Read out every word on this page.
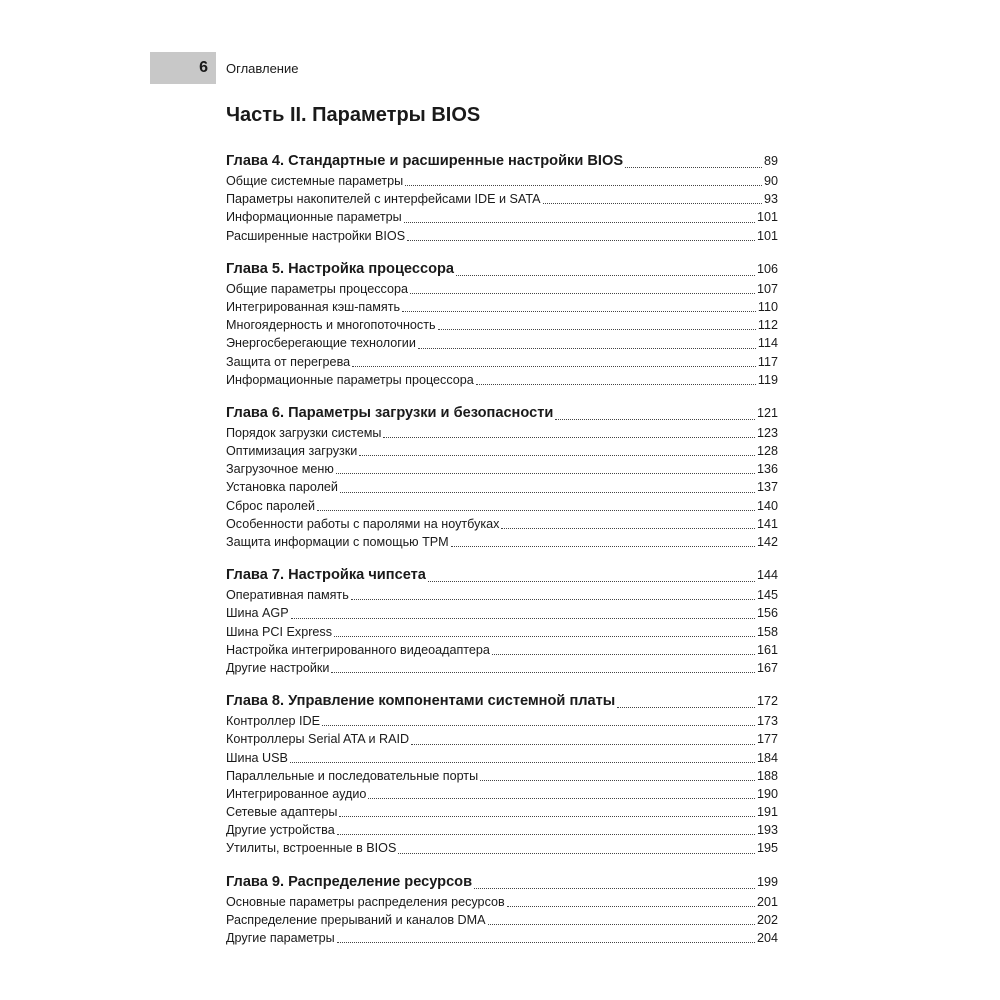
6	Оглавление
Часть II. Параметры BIOS
Глава 4. Стандартные и расширенные настройки BIOS	89
Общие системные параметры	90
Параметры накопителей с интерфейсами IDE и SATA	93
Информационные параметры	101
Расширенные настройки BIOS	101
Глава 5. Настройка процессора	106
Общие параметры процессора	107
Интегрированная кэш-память	110
Многоядерность и многопоточность	112
Энергосберегающие технологии	114
Защита от перегрева	117
Информационные параметры процессора	119
Глава 6. Параметры загрузки и безопасности	121
Порядок загрузки системы	123
Оптимизация загрузки	128
Загрузочное меню	136
Установка паролей	137
Сброс паролей	140
Особенности работы с паролями на ноутбуках	141
Защита информации с помощью TPM	142
Глава 7. Настройка чипсета	144
Оперативная память	145
Шина AGP	156
Шина PCI Express	158
Настройка интегрированного видеоадаптера	161
Другие настройки	167
Глава 8. Управление компонентами системной платы	172
Контроллер IDE	173
Контроллеры Serial ATA и RAID	177
Шина USB	184
Параллельные и последовательные порты	188
Интегрированное аудио	190
Сетевые адаптеры	191
Другие устройства	193
Утилиты, встроенные в BIOS	195
Глава 9. Распределение ресурсов	199
Основные параметры распределения ресурсов	201
Распределение прерываний и каналов DMA	202
Другие параметры	204
